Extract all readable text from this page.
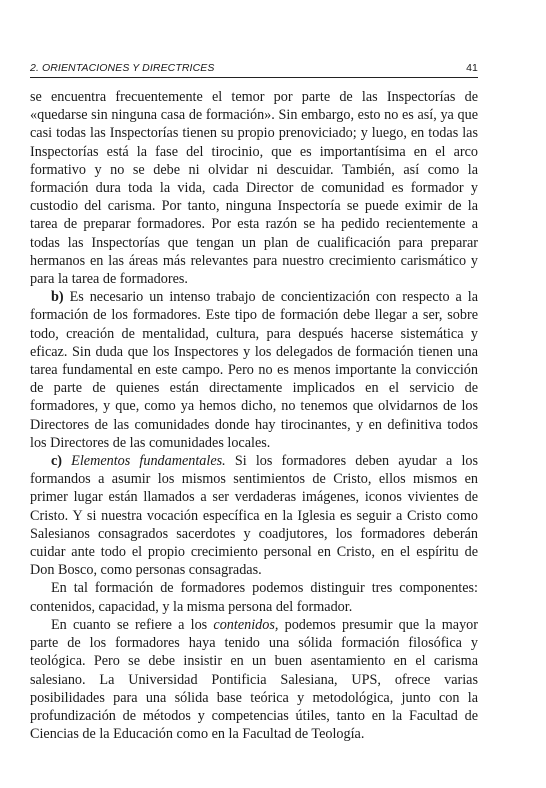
2. ORIENTACIONES Y DIRECTRICES	41

se encuentra frecuentemente el temor por parte de las Inspectorías de «quedarse sin ninguna casa de formación». Sin embargo, esto no es así, ya que casi todas las Inspectorías tienen su propio prenoviciado; y luego, en todas las Inspectorías está la fase del tirocinio, que es importantísima en el arco formativo y no se debe ni olvidar ni descuidar. También, así como la formación dura toda la vida, cada Director de comunidad es formador y custodio del carisma. Por tanto, ninguna Inspectoría se puede eximir de la tarea de preparar formadores. Por esta razón se ha pedido recientemente a todas las Inspectorías que tengan un plan de cualificación para preparar hermanos en las áreas más relevantes para nuestro crecimiento carismático y para la tarea de formadores.

b) Es necesario un intenso trabajo de concientización con respecto a la formación de los formadores. Este tipo de formación debe llegar a ser, sobre todo, creación de mentalidad, cultura, para después hacerse sistemática y eficaz. Sin duda que los Inspectores y los delegados de formación tienen una tarea fundamental en este campo. Pero no es menos importante la convicción de parte de quienes están directamente implicados en el servicio de formadores, y que, como ya hemos dicho, no tenemos que olvidarnos de los Directores de las comunidades donde hay tirocinantes, y en definitiva todos los Directores de las comunidades locales.

c) Elementos fundamentales. Si los formadores deben ayudar a los formandos a asumir los mismos sentimientos de Cristo, ellos mismos en primer lugar están llamados a ser verdaderas imágenes, iconos vivientes de Cristo. Y si nuestra vocación específica en la Iglesia es seguir a Cristo como Salesianos consagrados sacerdotes y coadjutores, los formadores deberán cuidar ante todo el propio crecimiento personal en Cristo, en el espíritu de Don Bosco, como personas consagradas.

En tal formación de formadores podemos distinguir tres componentes: contenidos, capacidad, y la misma persona del formador.

En cuanto se refiere a los contenidos, podemos presumir que la mayor parte de los formadores haya tenido una sólida formación filosófica y teológica. Pero se debe insistir en un buen asentamiento en el carisma salesiano. La Universidad Pontificia Salesiana, UPS, ofrece varias posibilidades para una sólida base teórica y metodológica, junto con la profundización de métodos y competencias útiles, tanto en la Facultad de Ciencias de la Educación como en la Facultad de Teología.
